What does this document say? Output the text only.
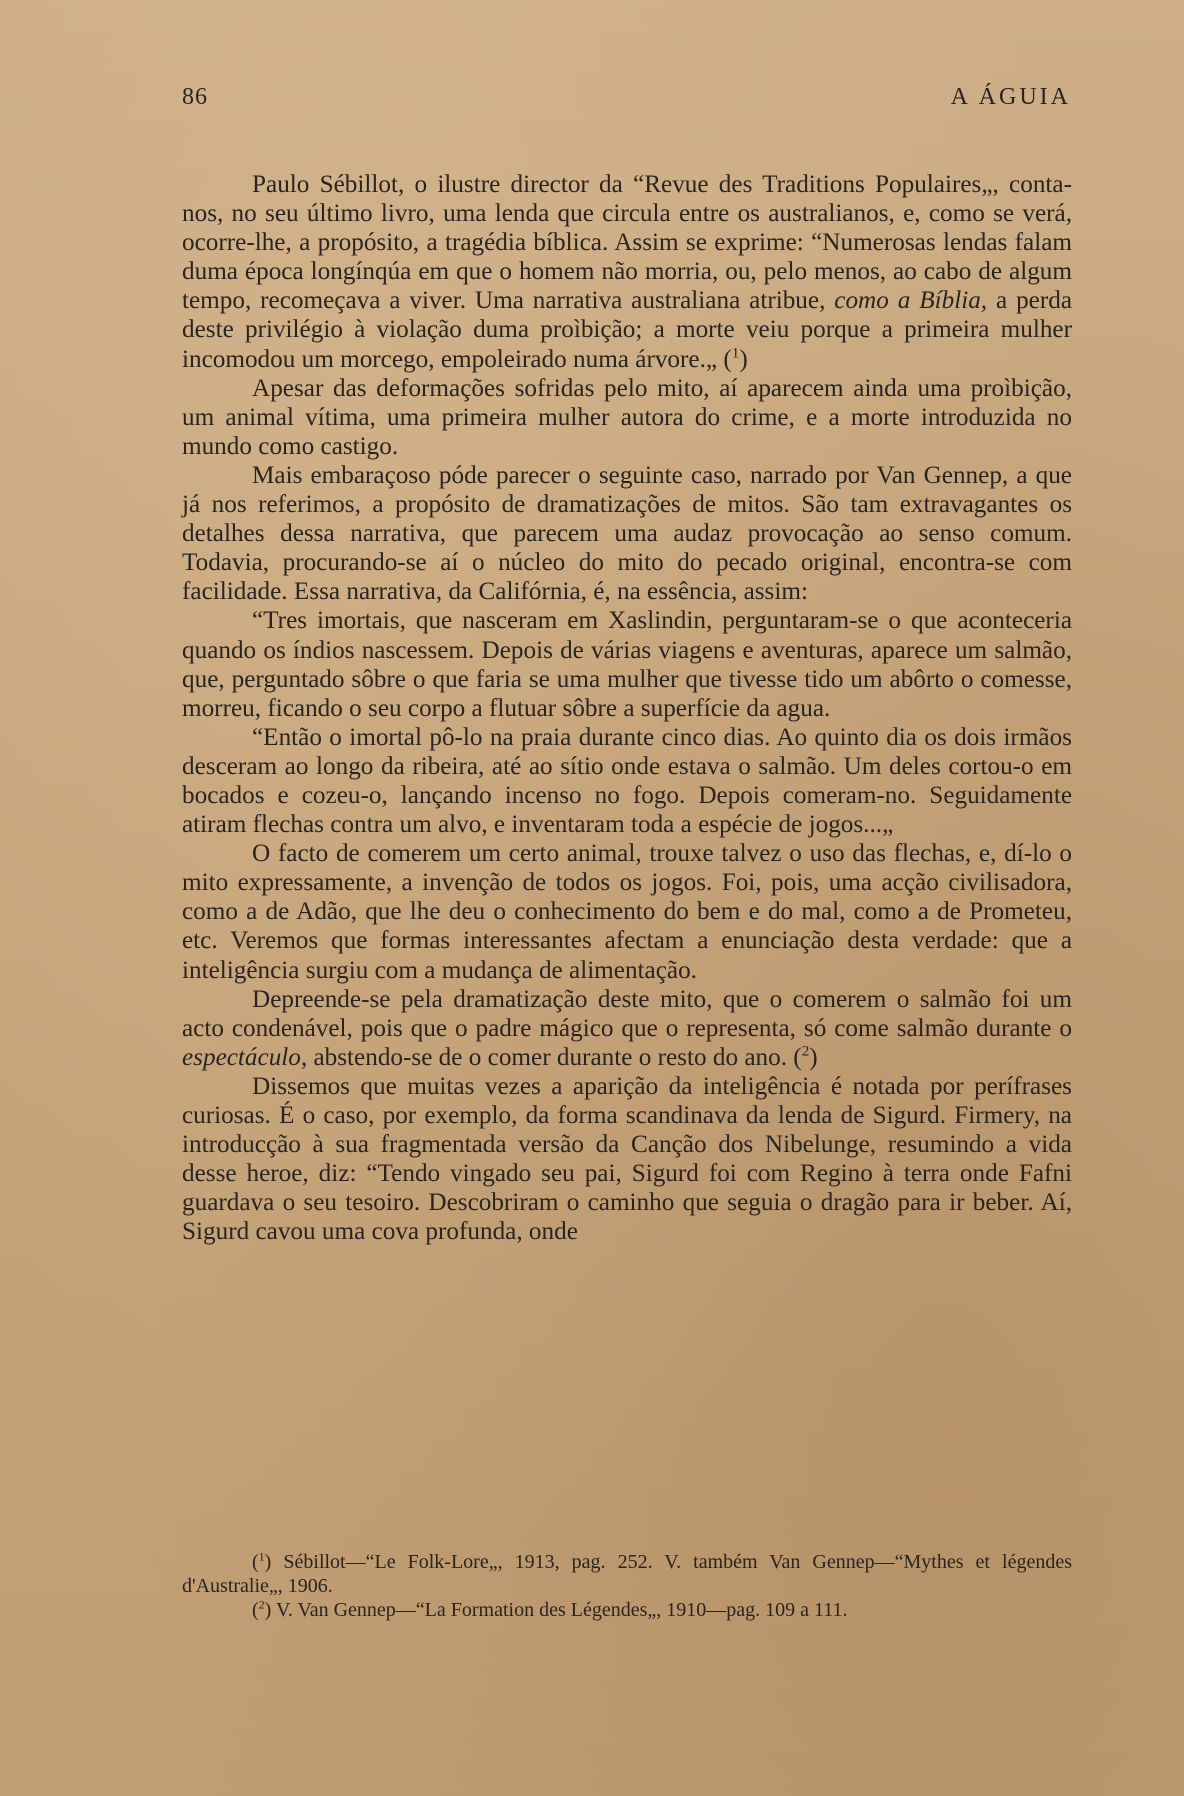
86	A ÁGUIA

Paulo Sébillot, o ilustre director da “Revue des Traditions Populaires„, conta-nos, no seu último livro, uma lenda que circula entre os australianos, e, como se verá, ocorre-lhe, a propósito, a tragédia bíblica. Assim se exprime: “Numerosas lendas falam duma época longínqúa em que o homem não morria, ou, pelo menos, ao cabo de algum tempo, recomeçava a viver. Uma narrativa australiana atribue, como a Bíblia, a perda deste privilégio à violação duma proìbição; a morte veiu porque a primeira mulher incomodou um morcego, empoleirado numa árvore.„ ($^1$)

Apesar das deformações sofridas pelo mito, aí aparecem ainda uma proìbição, um animal vítima, uma primeira mulher autora do crime, e a morte introduzida no mundo como castigo.

Mais embaraçoso póde parecer o seguinte caso, narrado por Van Gennep, a que já nos referimos, a propósito de dramatizações de mitos. São tam extravagantes os detalhes dessa narrativa, que parecem uma audaz provocação ao senso comum. Todavia, procurando-se aí o núcleo do mito do pecado original, encontra-se com facilidade. Essa narrativa, da Califórnia, é, na essência, assim:

“Tres imortais, que nasceram em Xaslindin, perguntaram-se o que aconteceria quando os índios nascessem. Depois de várias viagens e aventuras, aparece um salmão, que, perguntado sôbre o que faria se uma mulher que tivesse tido um abôrto o comesse, morreu, ficando o seu corpo a flutuar sôbre a superfície da agua.

“Então o imortal pô-lo na praia durante cinco dias. Ao quinto dia os dois irmãos desceram ao longo da ribeira, até ao sítio onde estava o salmão. Um deles cortou-o em bocados e cozeu-o, lançando incenso no fogo. Depois comeram-no. Seguidamente atiram flechas contra um alvo, e inventaram toda a espécie de jogos...„

O facto de comerem um certo animal, trouxe talvez o uso das flechas, e, dí-lo o mito expressamente, a invenção de todos os jogos. Foi, pois, uma acção civilisadora, como a de Adão, que lhe deu o conhecimento do bem e do mal, como a de Prometeu, etc. Veremos que formas interessantes afectam a enunciação desta verdade: que a inteligência surgiu com a mudança de alimentação.

Depreende-se pela dramatização deste mito, que o comerem o salmão foi um acto condenável, pois que o padre mágico que o representa, só come salmão durante o espectáculo, abstendo-se de o comer durante o resto do ano. ($^2$)

Dissemos que muitas vezes a aparição da inteligência é notada por perífrases curiosas. É o caso, por exemplo, da forma scandinava da lenda de Sigurd. Firmery, na introducção à sua fragmentada versão da Canção dos Nibelunge, resumindo a vida desse heroe, diz: “Tendo vingado seu pai, Sigurd foi com Regino à terra onde Fafni guardava o seu tesoiro. Descobriram o caminho que seguia o dragão para ir beber. Aí, Sigurd cavou uma cova profunda, onde

($^1$) Sébillot—“Le Folk-Lore„, 1913, pag. 252. V. também Van Gennep—“Mythes et légendes d'Australie„, 1906.

($^2$) V. Van Gennep—“La Formation des Légendes„, 1910—pag. 109 a 111.
